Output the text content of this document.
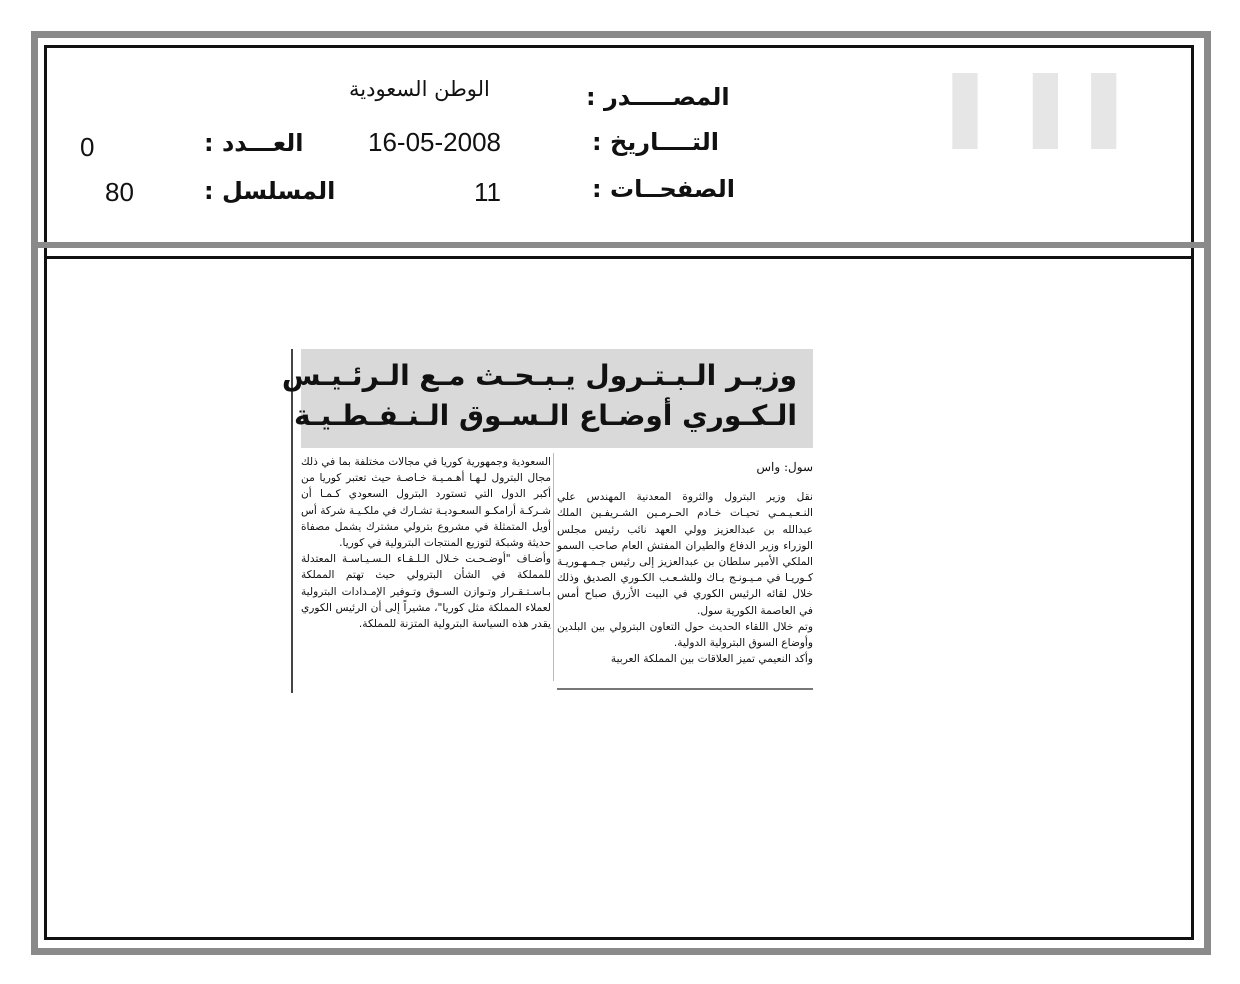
▌▐ ▌
المصـــــدر :
الوطن السعودية
التــــاريخ :
16-05-2008
الصفحــات :
11
العـــدد :
0
المسلسل :
80
وزيـر الـبـتـرول يـبـحـث مـع الـرئـيـس
الـكـوري أوضـاع الـسـوق الـنـفـطـيـة

سول: واس

نقل وزير البترول والثروة المعدنية المهندس علي النـعـيـمـي تحيـات خـادم الحـرمـين الشـريفـين الملك عبدالله بن عبدالعزيز وولي العهد نائب رئيس مجلس الوزراء وزير الدفاع والطيران المفتش العام صاحب السمو الملكي الأمير سلطان بن عبدالعزيز إلى رئيس جـمـهـوريـة كـوريـا في مـيـونـج بـاك وللشـعـب الكـوري الصديق وذلك خلال لقائه الرئيس الكوري في البيت الأزرق صباح أمس في العاصمة الكورية سول.

وتم خلال اللقاء الحديث حول التعاون البترولي بين البلدين وأوضاع السوق البترولية الدولية.

وأكد النعيمي تميز العلاقات بين المملكة العربية

السعودية وجمهورية كوريا في مجالات مختلفة بما في ذلك مجال البترول لـهـا أهـمـيـة خـاصـة حيث تعتبر كوريا من أكبر الدول التي تستورد البترول السعودي كـمـا أن شـركـة أرامكـو السعـوديـة تشـارك في ملكـيـة شركة أس أويل المتمثلة في مشروع بترولي مشترك يشمل مصفاة حديثة وشبكة لتوزيع المنتجات البترولية في كوريا.

وأضـاف "أوضـحـت خـلال الـلـقـاء الـسـيـاسـة المعتدلة للمملكة في الشأن البترولي حيث تهتم المملكة بـاسـتـقـرار وتـوازن السـوق وتـوفير الإمـدادات البترولية لعملاء المملكة مثل كوريا"، مشيراً إلى أن الرئيس الكوري يقدر هذه السياسة البترولية المتزنة للمملكة.
